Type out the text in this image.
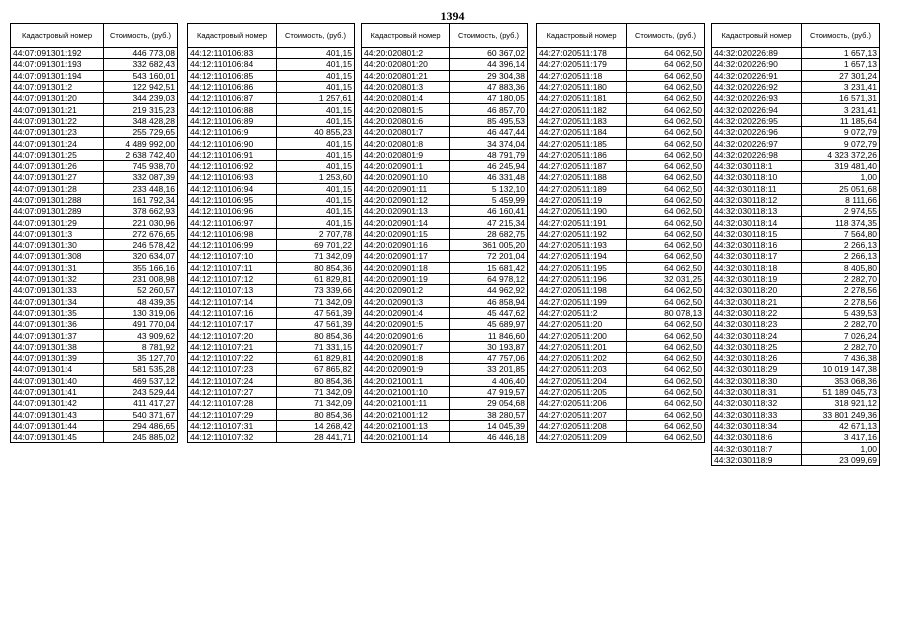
1394
Кадастровый номер	Стоимость, (руб.)
44:07:091301:192	446 773,08
44:07:091301:193	332 682,43
44:07:091301:194	543 160,01
44:07:091301:2	122 942,51
44:07:091301:20	344 239,03
44:07:091301:21	219 315,23
44:07:091301:22	348 428,28
44:07:091301:23	255 729,65
44:07:091301:24	4 489 992,00
44:07:091301:25	2 638 742,40
44:07:091301:26	745 938,70
44:07:091301:27	332 087,39
44:07:091301:28	233 448,16
44:07:091301:288	161 792,34
44:07:091301:289	378 662,93
44:07:091301:29	221 030,96
44:07:091301:3	272 676,65
44:07:091301:30	246 578,42
44:07:091301:308	320 634,07
44:07:091301:31	355 166,16
44:07:091301:32	231 008,98
44:07:091301:33	52 260,57
44:07:091301:34	48 439,35
44:07:091301:35	130 319,06
44:07:091301:36	491 770,04
44:07:091301:37	43 909,62
44:07:091301:38	8 781,92
44:07:091301:39	35 127,70
44:07:091301:4	581 535,28
44:07:091301:40	469 537,12
44:07:091301:41	243 529,44
44:07:091301:42	411 417,27
44:07:091301:43	540 371,67
44:07:091301:44	294 486,65
44:07:091301:45	245 885,02
Кадастровый номер	Стоимость, (руб.)
44:12:110106:83	401,15
44:12:110106:84	401,15
44:12:110106:85	401,15
44:12:110106:86	401,15
44:12:110106:87	1 257,61
44:12:110106:88	401,15
44:12:110106:89	401,15
44:12:110106:9	40 855,23
44:12:110106:90	401,15
44:12:110106:91	401,15
44:12:110106:92	401,15
44:12:110106:93	1 253,60
44:12:110106:94	401,15
44:12:110106:95	401,15
44:12:110106:96	401,15
44:12:110106:97	401,15
44:12:110106:98	2 707,78
44:12:110106:99	69 701,22
44:12:110107:10	71 342,09
44:12:110107:11	80 854,36
44:12:110107:12	61 829,81
44:12:110107:13	73 339,66
44:12:110107:14	71 342,09
44:12:110107:16	47 561,39
44:12:110107:17	47 561,39
44:12:110107:20	80 854,36
44:12:110107:21	71 331,15
44:12:110107:22	61 829,81
44:12:110107:23	67 865,82
44:12:110107:24	80 854,36
44:12:110107:27	71 342,09
44:12:110107:28	71 342,09
44:12:110107:29	80 854,36
44:12:110107:31	14 268,42
44:12:110107:32	28 441,71
Кадастровый номер	Стоимость, (руб.)
44:20:020801:2	60 367,02
44:20:020801:20	44 396,14
44:20:020801:21	29 304,38
44:20:020801:3	47 883,36
44:20:020801:4	47 180,05
44:20:020801:5	46 857,70
44:20:020801:6	85 495,53
44:20:020801:7	46 447,44
44:20:020801:8	34 374,04
44:20:020801:9	48 791,79
44:20:020901:1	46 245,94
44:20:020901:10	46 331,48
44:20:020901:11	5 132,10
44:20:020901:12	5 459,99
44:20:020901:13	46 160,41
44:20:020901:14	47 215,34
44:20:020901:15	28 682,75
44:20:020901:16	361 005,20
44:20:020901:17	72 201,04
44:20:020901:18	15 681,42
44:20:020901:19	64 978,12
44:20:020901:2	44 962,92
44:20:020901:3	46 858,94
44:20:020901:4	45 447,62
44:20:020901:5	45 689,97
44:20:020901:6	11 846,60
44:20:020901:7	30 193,87
44:20:020901:8	47 757,06
44:20:020901:9	33 201,85
44:20:021001:1	4 406,40
44:20:021001:10	47 919,57
44:20:021001:11	29 054,68
44:20:021001:12	38 280,57
44:20:021001:13	14 045,39
44:20:021001:14	46 446,18
Кадастровый номер	Стоимость, (руб.)
44:27:020511:178	64 062,50
44:27:020511:179	64 062,50
44:27:020511:18	64 062,50
44:27:020511:180	64 062,50
44:27:020511:181	64 062,50
44:27:020511:182	64 062,50
44:27:020511:183	64 062,50
44:27:020511:184	64 062,50
44:27:020511:185	64 062,50
44:27:020511:186	64 062,50
44:27:020511:187	64 062,50
44:27:020511:188	64 062,50
44:27:020511:189	64 062,50
44:27:020511:19	64 062,50
44:27:020511:190	64 062,50
44:27:020511:191	64 062,50
44:27:020511:192	64 062,50
44:27:020511:193	64 062,50
44:27:020511:194	64 062,50
44:27:020511:195	64 062,50
44:27:020511:196	32 031,25
44:27:020511:198	64 062,50
44:27:020511:199	64 062,50
44:27:020511:2	80 078,13
44:27:020511:20	64 062,50
44:27:020511:200	64 062,50
44:27:020511:201	64 062,50
44:27:020511:202	64 062,50
44:27:020511:203	64 062,50
44:27:020511:204	64 062,50
44:27:020511:205	64 062,50
44:27:020511:206	64 062,50
44:27:020511:207	64 062,50
44:27:020511:208	64 062,50
44:27:020511:209	64 062,50
Кадастровый номер	Стоимость, (руб.)
44:32:020226:89	1 657,13
44:32:020226:90	1 657,13
44:32:020226:91	27 301,24
44:32:020226:92	3 231,41
44:32:020226:93	16 571,31
44:32:020226:94	3 231,41
44:32:020226:95	11 185,64
44:32:020226:96	9 072,79
44:32:020226:97	9 072,79
44:32:020226:98	4 323 372,26
44:32:030118:1	319 481,40
44:32:030118:10	1,00
44:32:030118:11	25 051,68
44:32:030118:12	8 111,66
44:32:030118:13	2 974,55
44:32:030118:14	118 374,35
44:32:030118:15	7 564,80
44:32:030118:16	2 266,13
44:32:030118:17	2 266,13
44:32:030118:18	8 405,80
44:32:030118:19	2 282,70
44:32:030118:20	2 278,56
44:32:030118:21	2 278,56
44:32:030118:22	5 439,53
44:32:030118:23	2 282,70
44:32:030118:24	7 026,24
44:32:030118:25	2 282,70
44:32:030118:26	7 436,38
44:32:030118:29	10 019 147,38
44:32:030118:30	353 068,36
44:32:030118:31	51 189 045,73
44:32:030118:32	318 921,12
44:32:030118:33	33 801 249,36
44:32:030118:34	42 671,13
44:32:030118:6	3 417,16
44:32:030118:7	1,00
44:32:030118:9	23 099,69
